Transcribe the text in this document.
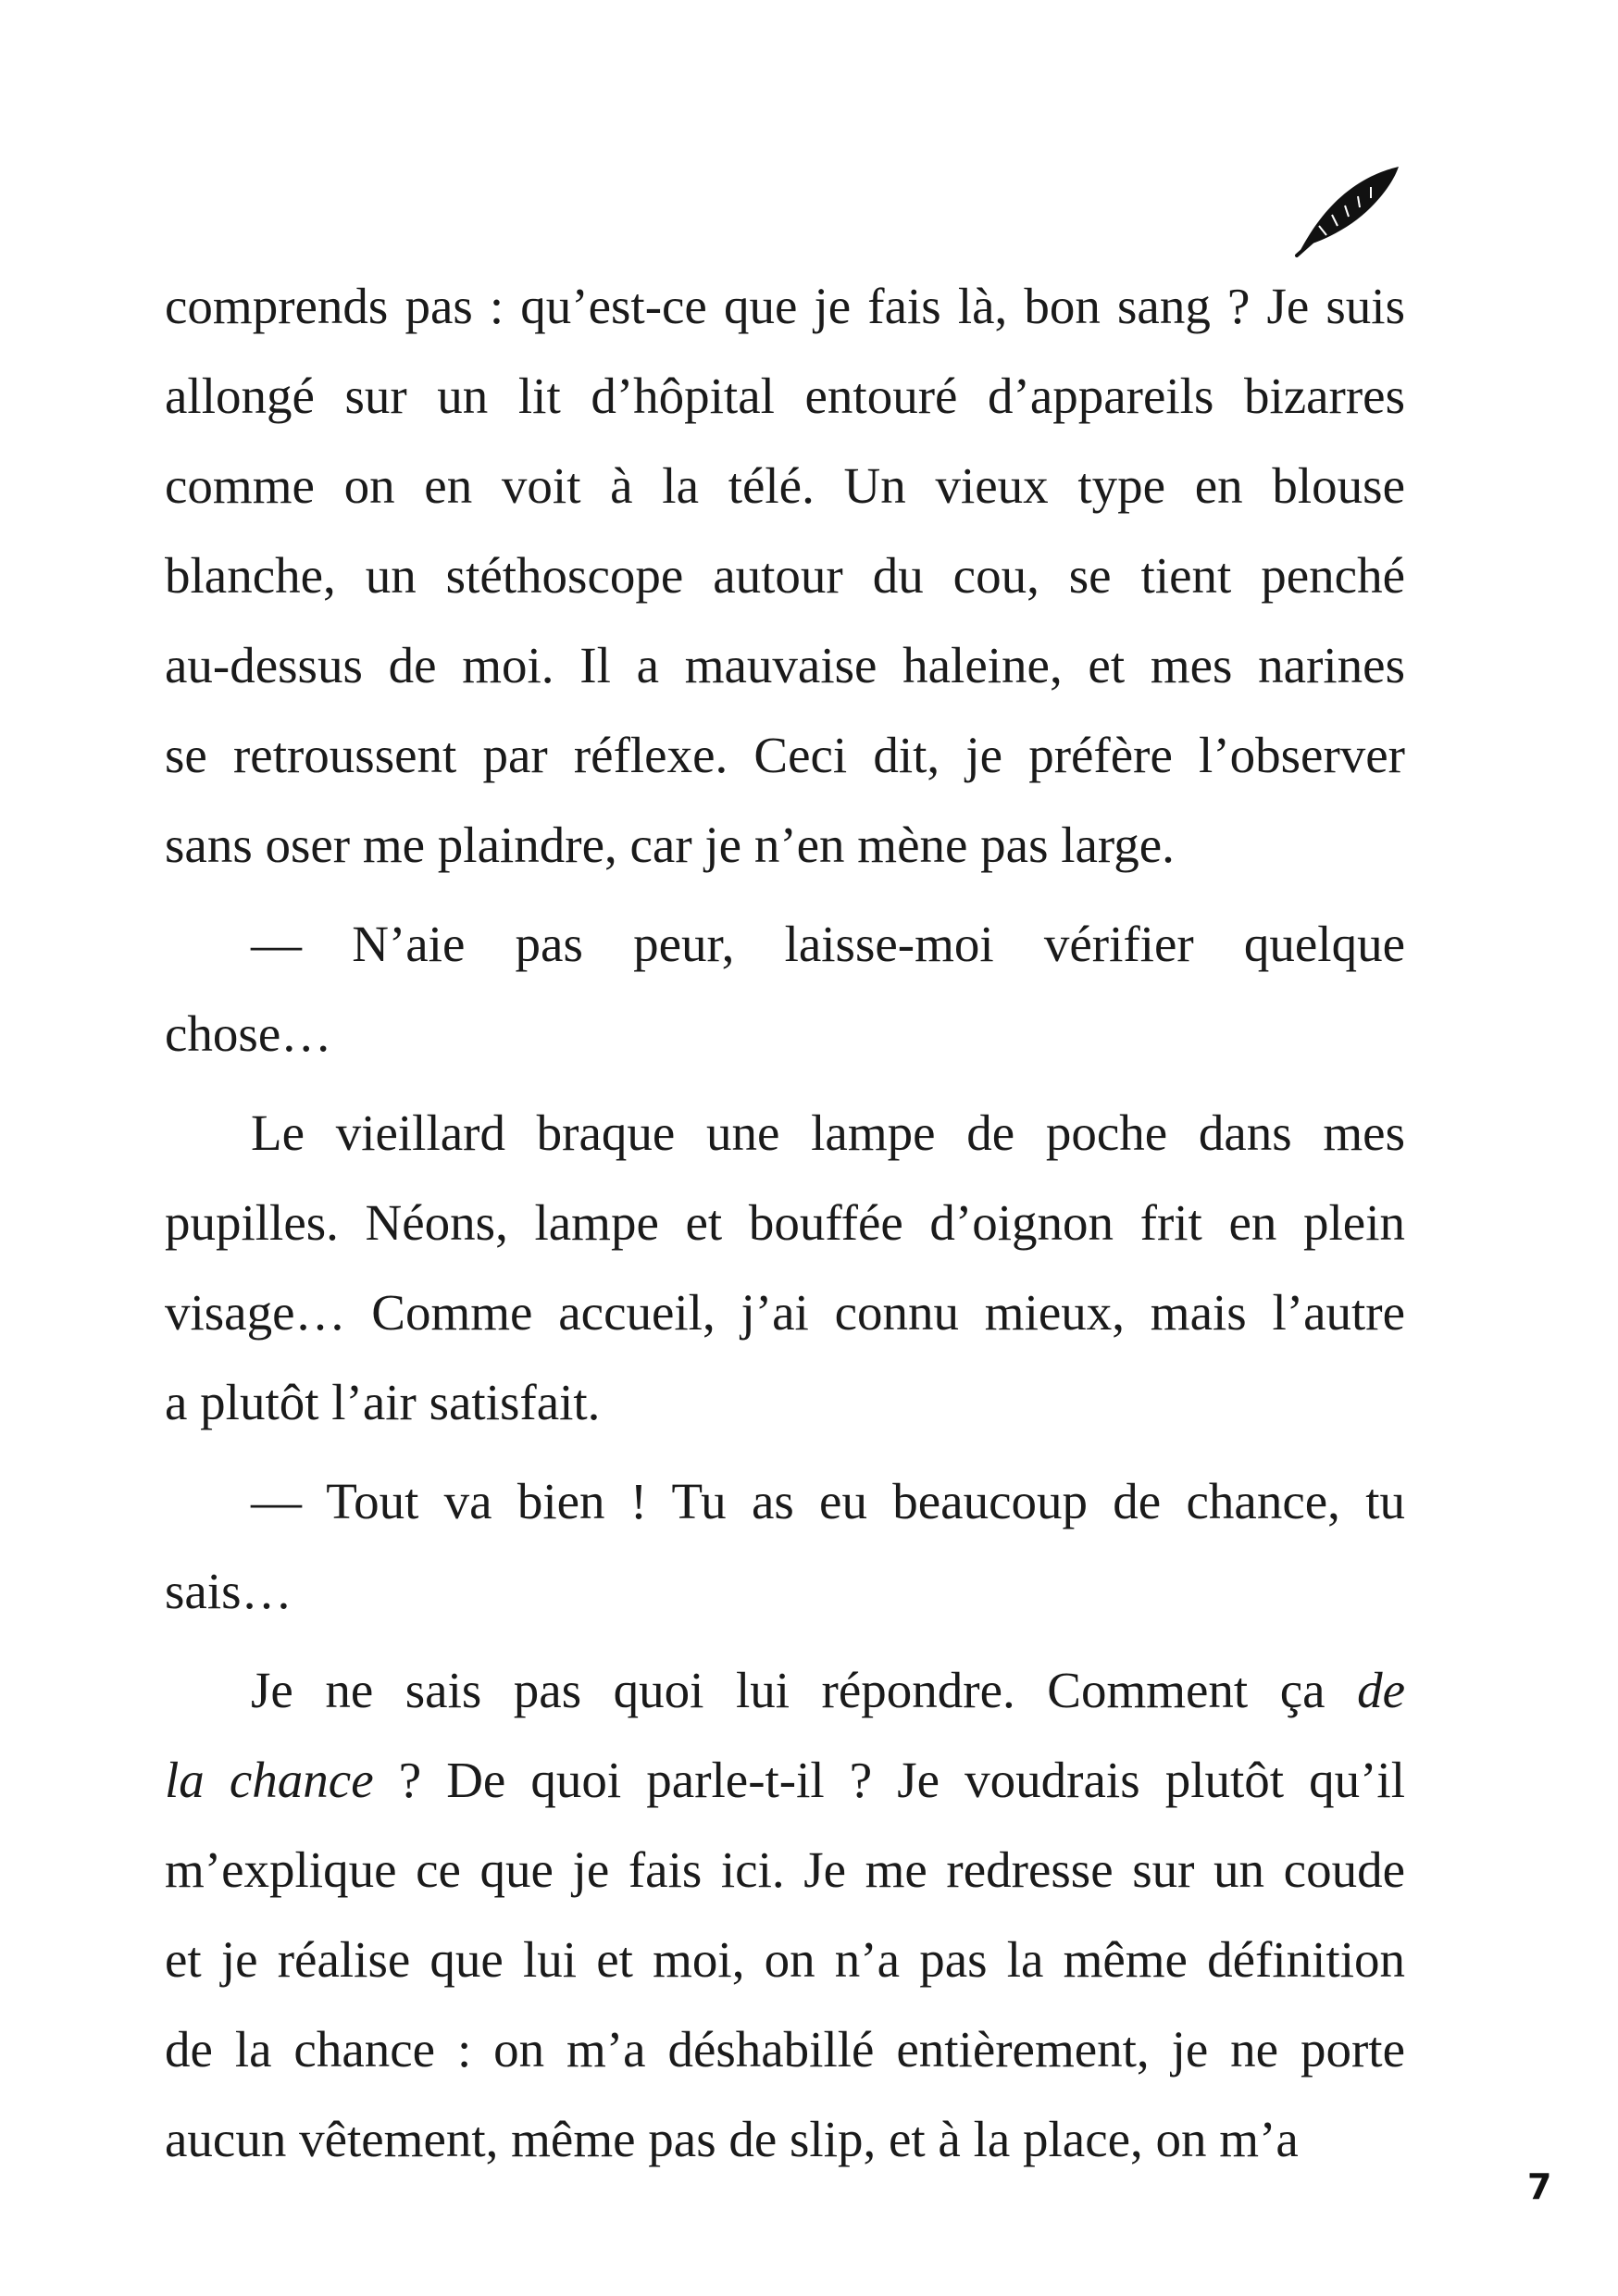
comprends pas : qu’est-ce que je fais là, bon sang ? Je suis
allongé sur un lit d’hôpital entouré d’appareils bizarres
comme on en voit à la télé. Un vieux type en blouse
blanche, un stéthoscope autour du cou, se tient penché
au-dessus de moi. Il a mauvaise haleine, et mes narines
se retroussent par réflexe. Ceci dit, je préfère l’observer
sans oser me plaindre, car je n’en mène pas large.
— N’aie pas peur, laisse-moi vérifier quelque
chose…
Le vieillard braque une lampe de poche dans mes
pupilles. Néons, lampe et bouffée d’oignon frit en plein
visage… Comme accueil, j’ai connu mieux, mais l’autre
a plutôt l’air satisfait.
— Tout va bien ! Tu as eu beaucoup de chance, tu
sais…
Je ne sais pas quoi lui répondre. Comment ça de
la chance ? De quoi parle-t-il ? Je voudrais plutôt qu’il
m’explique ce que je fais ici. Je me redresse sur un coude
et je réalise que lui et moi, on n’a pas la même définition
de la chance : on m’a déshabillé entièrement, je ne porte
aucun vêtement, même pas de slip, et à la place, on m’a
7
